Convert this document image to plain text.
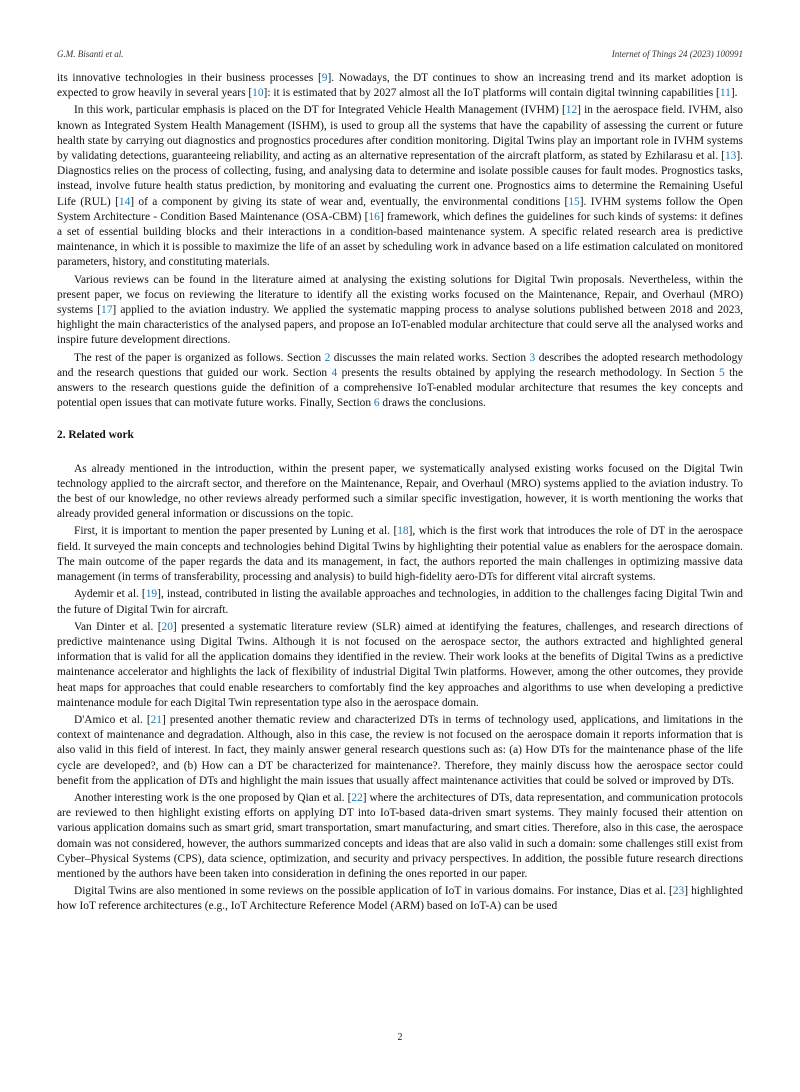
G.M. Bisanti et al.	Internet of Things 24 (2023) 100991

its innovative technologies in their business processes [9]. Nowadays, the DT continues to show an increasing trend and its market adoption is expected to grow heavily in several years [10]: it is estimated that by 2027 almost all the IoT platforms will contain digital twinning capabilities [11].

In this work, particular emphasis is placed on the DT for Integrated Vehicle Health Management (IVHM) [12] in the aerospace field. IVHM, also known as Integrated System Health Management (ISHM), is used to group all the systems that have the capability of assessing the current or future health state by carrying out diagnostics and prognostics procedures after condition monitoring. Digital Twins play an important role in IVHM systems by validating detections, guaranteeing reliability, and acting as an alternative representation of the aircraft platform, as stated by Ezhilarasu et al. [13]. Diagnostics relies on the process of collecting, fusing, and analysing data to determine and isolate possible causes for fault modes. Prognostics tasks, instead, involve future health status prediction, by monitoring and evaluating the current one. Prognostics aims to determine the Remaining Useful Life (RUL) [14] of a component by giving its state of wear and, eventually, the environmental conditions [15]. IVHM systems follow the Open System Architecture - Condition Based Maintenance (OSA-CBM) [16] framework, which defines the guidelines for such kinds of systems: it defines a set of essential building blocks and their interactions in a condition-based maintenance system. A specific related research area is predictive maintenance, in which it is possible to maximize the life of an asset by scheduling work in advance based on a life estimation calculated on monitored parameters, history, and constituting materials.

Various reviews can be found in the literature aimed at analysing the existing solutions for Digital Twin proposals. Nevertheless, within the present paper, we focus on reviewing the literature to identify all the existing works focused on the Maintenance, Repair, and Overhaul (MRO) systems [17] applied to the aviation industry. We applied the systematic mapping process to analyse solutions published between 2018 and 2023, highlight the main characteristics of the analysed papers, and propose an IoT-enabled modular architecture that could serve all the analysed works and inspire future development directions.

The rest of the paper is organized as follows. Section 2 discusses the main related works. Section 3 describes the adopted research methodology and the research questions that guided our work. Section 4 presents the results obtained by applying the research methodology. In Section 5 the answers to the research questions guide the definition of a comprehensive IoT-enabled modular architecture that resumes the key concepts and potential open issues that can motivate future works. Finally, Section 6 draws the conclusions.

2. Related work

As already mentioned in the introduction, within the present paper, we systematically analysed existing works focused on the Digital Twin technology applied to the aircraft sector, and therefore on the Maintenance, Repair, and Overhaul (MRO) systems applied to the aviation industry. To the best of our knowledge, no other reviews already performed such a similar specific investigation, however, it is worth mentioning the works that already provided general information or discussions on the topic.

First, it is important to mention the paper presented by Luning et al. [18], which is the first work that introduces the role of DT in the aerospace field. It surveyed the main concepts and technologies behind Digital Twins by highlighting their potential value as enablers for the aerospace domain. The main outcome of the paper regards the data and its management, in fact, the authors reported the main challenges in optimizing massive data management (in terms of transferability, processing and analysis) to build high-fidelity aero-DTs for different vital aircraft systems.

Aydemir et al. [19], instead, contributed in listing the available approaches and technologies, in addition to the challenges facing Digital Twin and the future of Digital Twin for aircraft.

Van Dinter et al. [20] presented a systematic literature review (SLR) aimed at identifying the features, challenges, and research directions of predictive maintenance using Digital Twins. Although it is not focused on the aerospace sector, the authors extracted and highlighted general information that is valid for all the application domains they identified in the review. Their work looks at the benefits of Digital Twins as a predictive maintenance accelerator and highlights the lack of flexibility of industrial Digital Twin platforms. However, among the other outcomes, they provide heat maps for approaches that could enable researchers to comfortably find the key approaches and algorithms to use when developing a predictive maintenance module for each Digital Twin representation type also in the aerospace domain.

D'Amico et al. [21] presented another thematic review and characterized DTs in terms of technology used, applications, and limitations in the context of maintenance and degradation. Although, also in this case, the review is not focused on the aerospace domain it reports information that is also valid in this field of interest. In fact, they mainly answer general research questions such as: (a) How DTs for the maintenance phase of the life cycle are developed?, and (b) How can a DT be characterized for maintenance?. Therefore, they mainly discuss how the aerospace sector could benefit from the application of DTs and highlight the main issues that usually affect maintenance activities that could be solved or improved by DTs.

Another interesting work is the one proposed by Qian et al. [22] where the architectures of DTs, data representation, and communication protocols are reviewed to then highlight existing efforts on applying DT into IoT-based data-driven smart systems. They mainly focused their attention on various application domains such as smart grid, smart transportation, smart manufacturing, and smart cities. Therefore, also in this case, the aerospace domain was not considered, however, the authors summarized concepts and ideas that are also valid in such a domain: some challenges still exist from Cyber–Physical Systems (CPS), data science, optimization, and security and privacy perspectives. In addition, the possible future research directions mentioned by the authors have been taken into consideration in defining the ones reported in our paper.

Digital Twins are also mentioned in some reviews on the possible application of IoT in various domains. For instance, Dias et al. [23] highlighted how IoT reference architectures (e.g., IoT Architecture Reference Model (ARM) based on IoT-A) can be used

2
